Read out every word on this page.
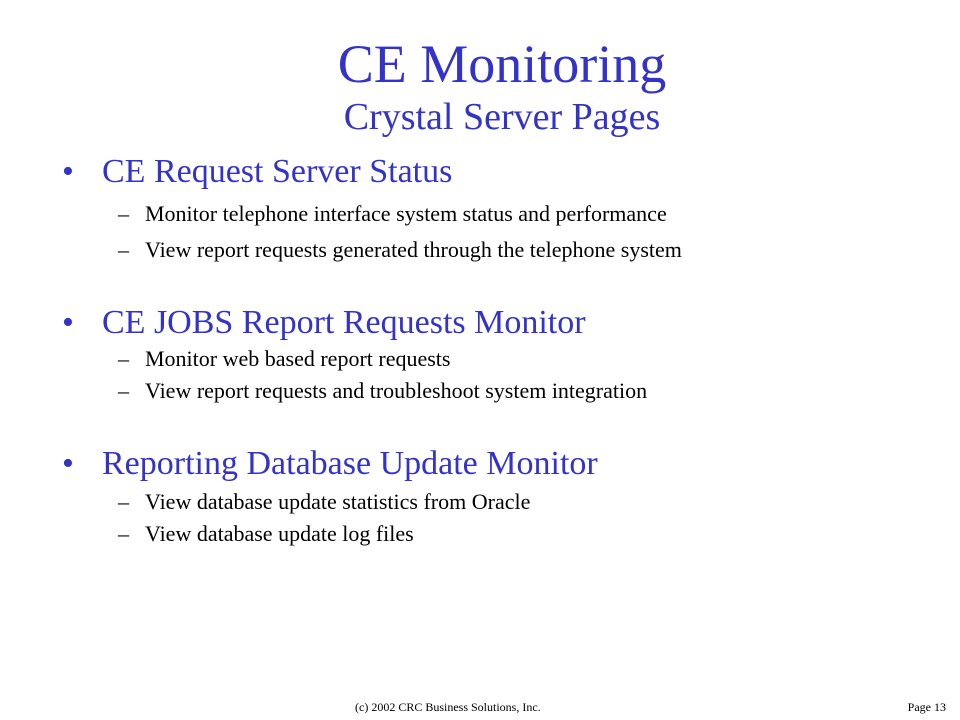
CE Monitoring
Crystal Server Pages
• CE Request Server Status
– Monitor telephone interface system status and performance
– View report requests generated through the telephone system
• CE JOBS Report Requests Monitor
– Monitor web based report requests
– View report requests and troubleshoot system integration
• Reporting Database Update Monitor
– View database update statistics from Oracle
– View database update log files
(c) 2002 CRC Business Solutions, Inc.	Page 13
